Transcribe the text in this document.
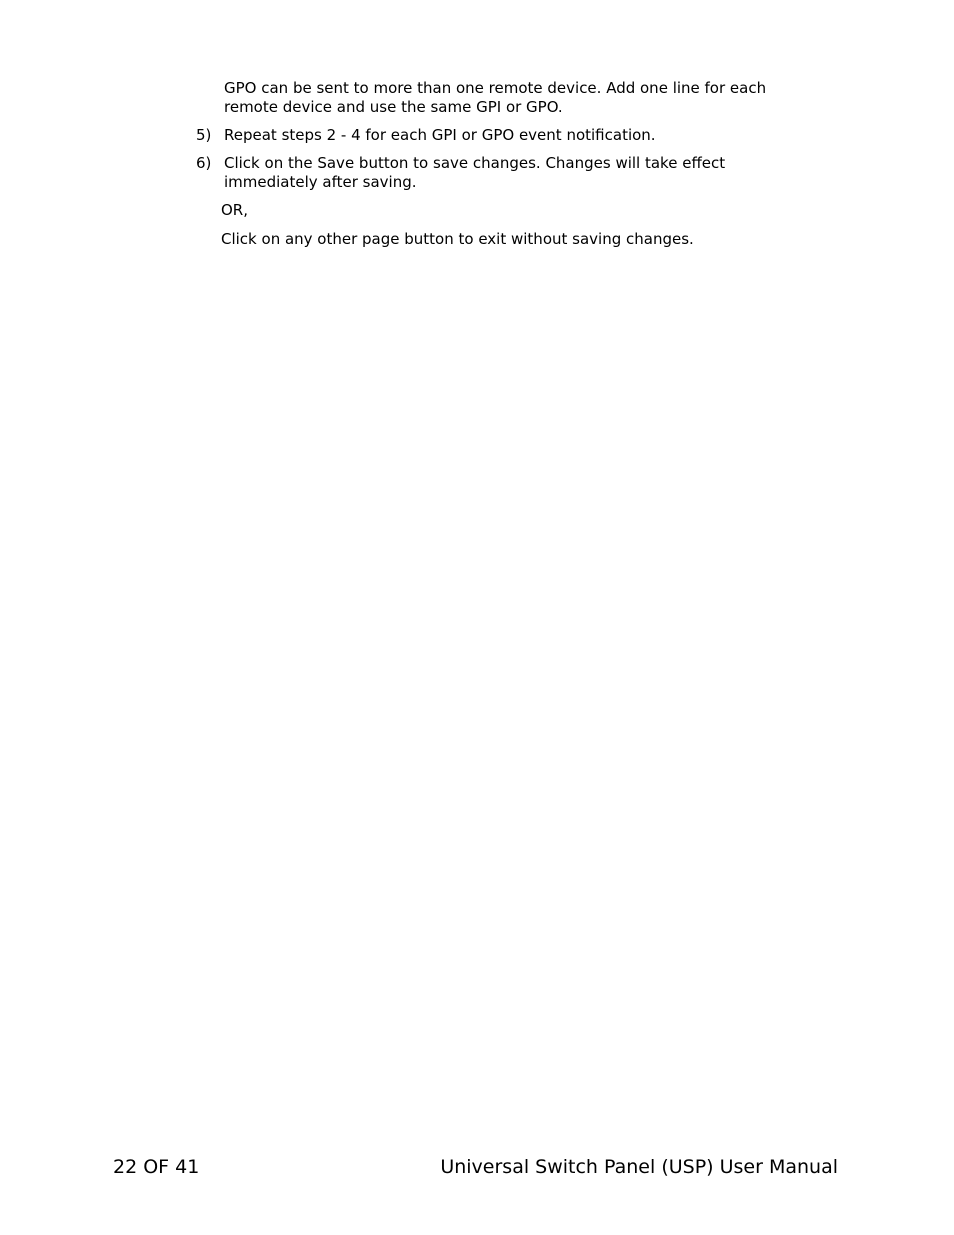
GPO can be sent to more than one remote device. Add one line for each
remote device and use the same GPI or GPO.
5) Repeat steps 2 - 4 for each GPI or GPO event notification.
6) Click on the Save button to save changes. Changes will take effect
immediately after saving.
OR,
Click on any other page button to exit without saving changes.
22 OF 41	Universal Switch Panel (USP) User Manual
